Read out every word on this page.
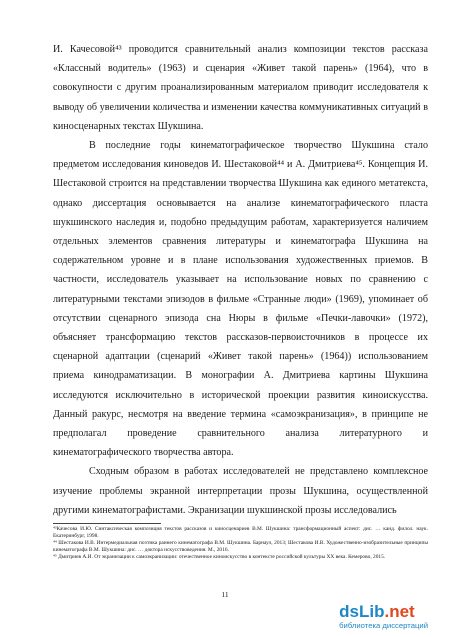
И. Качесовой⁴³ проводится сравнительный анализ композиции текстов рассказа «Классный водитель» (1963) и сценария «Живет такой парень» (1964), что в совокупности с другим проанализированным материалом приводит исследователя к выводу об увеличении количества и изменении качества коммуникативных ситуаций в киносценарных текстах Шукшина.

В последние годы кинематографическое творчество Шукшина стало предметом исследования киноведов И. Шестаковой⁴⁴ и А. Дмитриева⁴⁵. Концепция И. Шестаковой строится на представлении творчества Шукшина как единого метатекста, однако диссертация основывается на анализе кинематографического пласта шукшинского наследия и, подобно предыдущим работам, характеризуется наличием отдельных элементов сравнения литературы и кинематографа Шукшина на содержательном уровне и в плане использования художественных приемов. В частности, исследователь указывает на использование новых по сравнению с литературными текстами эпизодов в фильме «Странные люди» (1969), упоминает об отсутствии сценарного эпизода сна Нюры в фильме «Печки-лавочки» (1972), объясняет трансформацию текстов рассказов-первоисточников в процессе их сценарной адаптации (сценарий «Живет такой парень» (1964)) использованием приема кинодраматизации. В монографии А. Дмитриева картины Шукшина исследуются исключительно в исторической проекции развития киноискусства. Данный ракурс, несмотря на введение термина «самоэкранизация», в принципе не предполагал проведение сравнительного анализа литературного и кинематографического творчества автора.

Сходным образом в работах исследователей не представлено комплексное изучение проблемы экранной интерпретации прозы Шукшина, осуществленной другими кинематографистами. Экранизации шукшинской прозы исследовались

⁴³Качесова И.Ю. Синтаксическая композиция текстов рассказов и киносценариев В.М. Шукшина: трансформационный аспект: дис. … канд. филол. наук. Екатеринбург, 1998.

⁴⁴ Шестакова И.В. Интермедиальная поэтика раннего кинематографа В.М. Шукшина. Барнаул, 2013; Шестакова И.В. Художественно-изобразительные принципы кинематографа В.М. Шукшина: дис. … доктора искусствоведения. М., 2016.

⁴⁵ Дмитриев А.И. От экранизации к самоэкранизации: отечественное киноискусство в контексте российской культуры XX века. Кемерово, 2015.

11
dsLib.net
библиотека диссертаций
